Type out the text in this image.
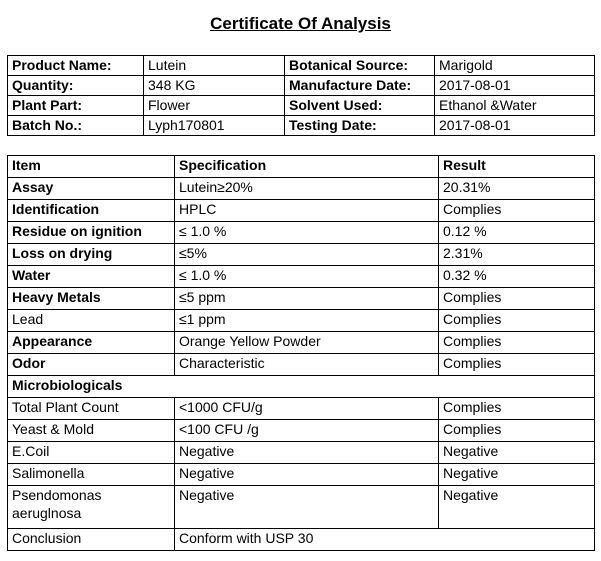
Certificate Of Analysis
Product Name:	Lutein	Botanical Source:	Marigold
Quantity:	348 KG	Manufacture Date:	2017-08-01
Plant Part:	Flower	Solvent Used:	Ethanol &Water
Batch No.:	Lyph170801	Testing Date:	2017-08-01
Item	Specification	Result
Assay	Lutein≥20%	20.31%
Identification	HPLC	Complies
Residue on ignition	≤ 1.0 %	0.12 %
Loss on drying	≤5%	2.31%
Water	≤ 1.0 %	0.32 %
Heavy Metals	≤5 ppm	Complies
Lead	≤1 ppm	Complies
Appearance	Orange Yellow Powder	Complies
Odor	Characteristic	Complies
Microbiologicals		
Total Plant Count	<1000 CFU/g	Complies
Yeast & Mold	<100 CFU /g	Complies
E.Coil	Negative	Negative
Salimonella	Negative	Negative
Psendomonas aeruglnosa	Negative	Negative
Conclusion	Conform with USP 30	
